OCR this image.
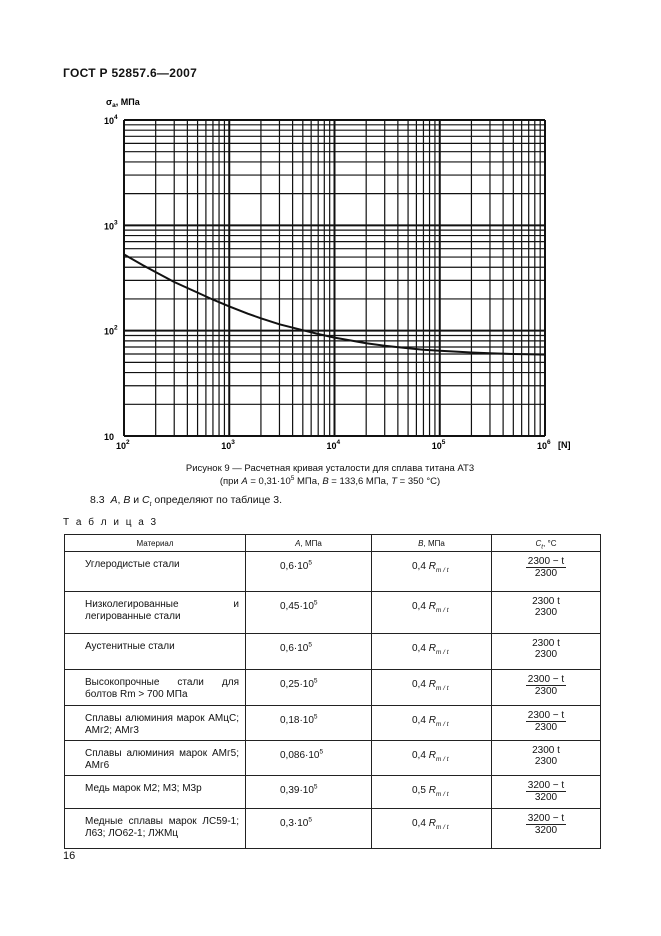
ГОСТ Р 52857.6—2007
$10^2$	$10^3$	$10^4$	$10^5$	$10^6$
10
$10^2$
$10^3$
$10^4$
$\sigma_a$, МПа
[N]
Рисунок 9 — Расчетная кривая усталости для сплава титана АТ3
(при $A = 0,31\cdot 10^5$ МПа, B = 133,6 МПа, T = 350 °С)
8.3 A, B и $C_t$ определяют по таблице 3.
Т а б л и ц а 3
Материал	A, МПа	B, МПа	$C_t$, °С
Углеродистые стали	$0,6\cdot 10^5$	0,4 $R_{m / t}$	$\frac{2300 - t}{2300}$

Низколегированные и легированные стали	$0,45\cdot 10^5$	0,4 $R_{m / t}$	2300 t
2300

Аустенитные стали	$0,6\cdot 10^5$	0,4 $R_{m / t}$	2300 t
2300

Высокопрочные стали для болтов Rm > 700 МПа	$0,25\cdot 10^5$	0,4 $R_{m / t}$	$\frac{2300 - t}{2300}$

Сплавы алюминия марок АМцС; АМг2; АМг3	$0,18\cdot 10^5$	0,4 $R_{m / t}$	$\frac{2300 - t}{2300}$

Сплавы алюминия марок АМг5; АМг6	$0,086\cdot 10^5$	0,4 $R_{m / t}$	2300 t
2300

Медь марок М2; М3; М3р	$0,39\cdot 10^5$	0,5 $R_{m / t}$	$\frac{3200 - t}{3200}$

Медные сплавы марок ЛС59-1; Л63; ЛО62-1; ЛЖМц	$0,3\cdot 10^5$	0,4 $R_{m / t}$	$\frac{3200 - t}{3200}$
16
